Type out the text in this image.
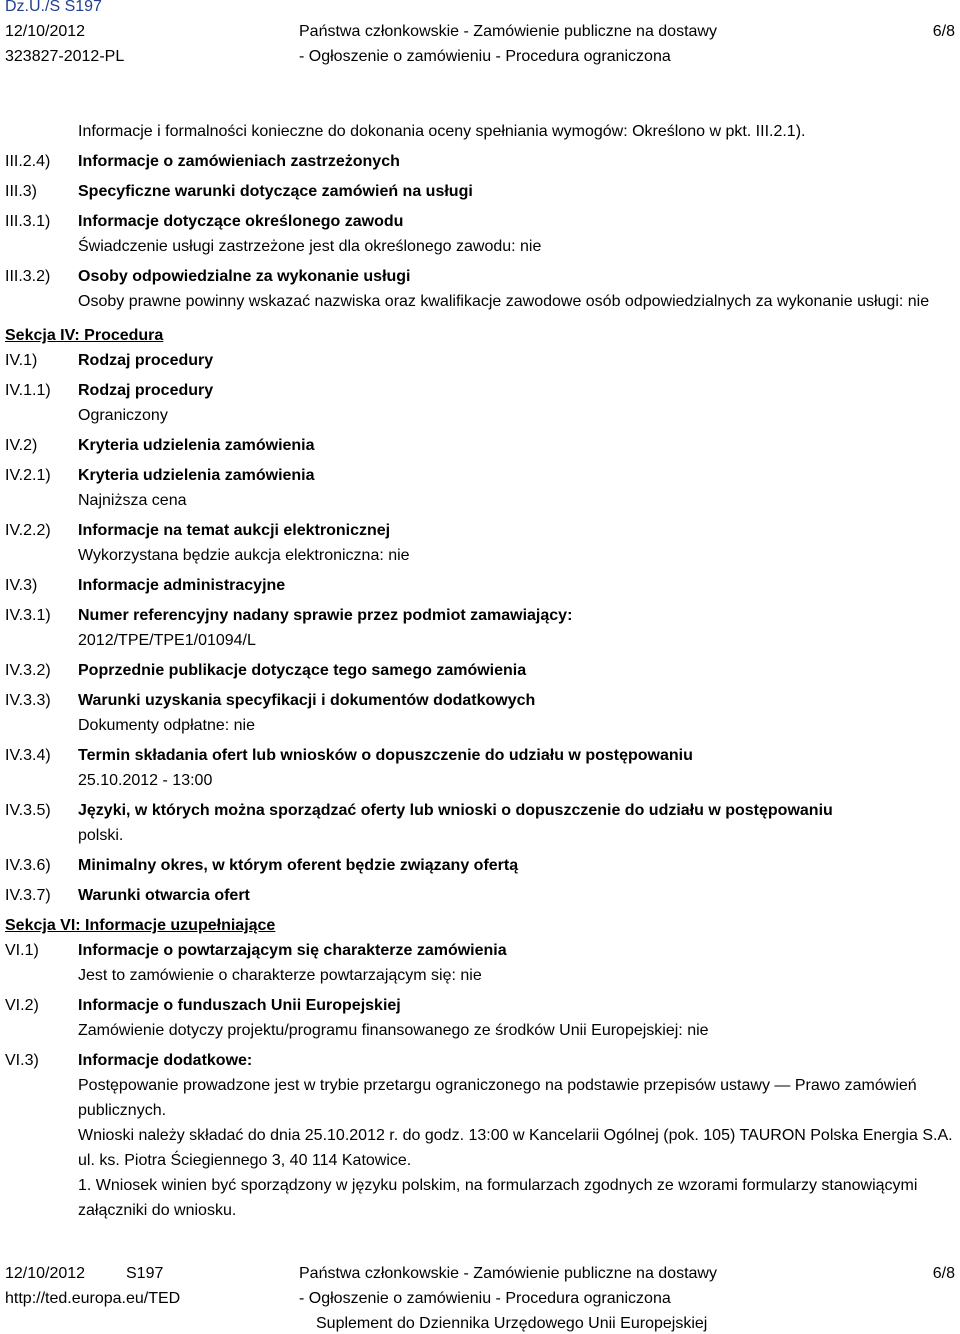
Dz.U./S S197
12/10/2012
323827-2012-PL
Państwa członkowskie - Zamówienie publiczne na dostawy
- Ogłoszenie o zamówieniu - Procedura ograniczona
6/8
Informacje i formalności konieczne do dokonania oceny spełniania wymogów: Określono w pkt. III.2.1).
III.2.4) Informacje o zamówieniach zastrzeżonych
III.3)	Specyficzne warunki dotyczące zamówień na usługi
III.3.1) Informacje dotyczące określonego zawodu
Świadczenie usługi zastrzeżone jest dla określonego zawodu: nie
III.3.2) Osoby odpowiedzialne za wykonanie usługi
Osoby prawne powinny wskazać nazwiska oraz kwalifikacje zawodowe osób odpowiedzialnych za wykonanie usługi: nie
Sekcja IV: Procedura
IV.1)	Rodzaj procedury
IV.1.1) Rodzaj procedury
Ograniczony
IV.2)	Kryteria udzielenia zamówienia
IV.2.1) Kryteria udzielenia zamówienia
Najniższa cena
IV.2.2) Informacje na temat aukcji elektronicznej
Wykorzystana będzie aukcja elektroniczna: nie
IV.3)	Informacje administracyjne
IV.3.1) Numer referencyjny nadany sprawie przez podmiot zamawiający:
2012/TPE/TPE1/01094/L
IV.3.2) Poprzednie publikacje dotyczące tego samego zamówienia
IV.3.3) Warunki uzyskania specyfikacji i dokumentów dodatkowych
Dokumenty odpłatne: nie
IV.3.4) Termin składania ofert lub wniosków o dopuszczenie do udziału w postępowaniu
25.10.2012 - 13:00
IV.3.5) Języki, w których można sporządzać oferty lub wnioski o dopuszczenie do udziału w postępowaniu
polski.
IV.3.6) Minimalny okres, w którym oferent będzie związany ofertą
IV.3.7) Warunki otwarcia ofert
Sekcja VI: Informacje uzupełniające
VI.1) Informacje o powtarzającym się charakterze zamówienia
Jest to zamówienie o charakterze powtarzającym się: nie
VI.2) Informacje o funduszach Unii Europejskiej
Zamówienie dotyczy projektu/programu finansowanego ze środków Unii Europejskiej: nie
VI.3) Informacje dodatkowe:
Postępowanie prowadzone jest w trybie przetargu ograniczonego na podstawie przepisów ustawy — Prawo zamówień publicznych.
Wnioski należy składać do dnia 25.10.2012 r. do godz. 13:00 w Kancelarii Ogólnej (pok. 105) TAURON Polska Energia S.A. ul. ks. Piotra Ściegiennego 3, 40 114 Katowice.
1. Wniosek winien być sporządzony w języku polskim, na formularzach zgodnych ze wzorami formularzy stanowiącymi załączniki do wniosku.
12/10/2012	S197
http://ted.europa.eu/TED
Państwa członkowskie - Zamówienie publiczne na dostawy
- Ogłoszenie o zamówieniu - Procedura ograniczona
Suplement do Dziennika Urzędowego Unii Europejskiej
6/8
